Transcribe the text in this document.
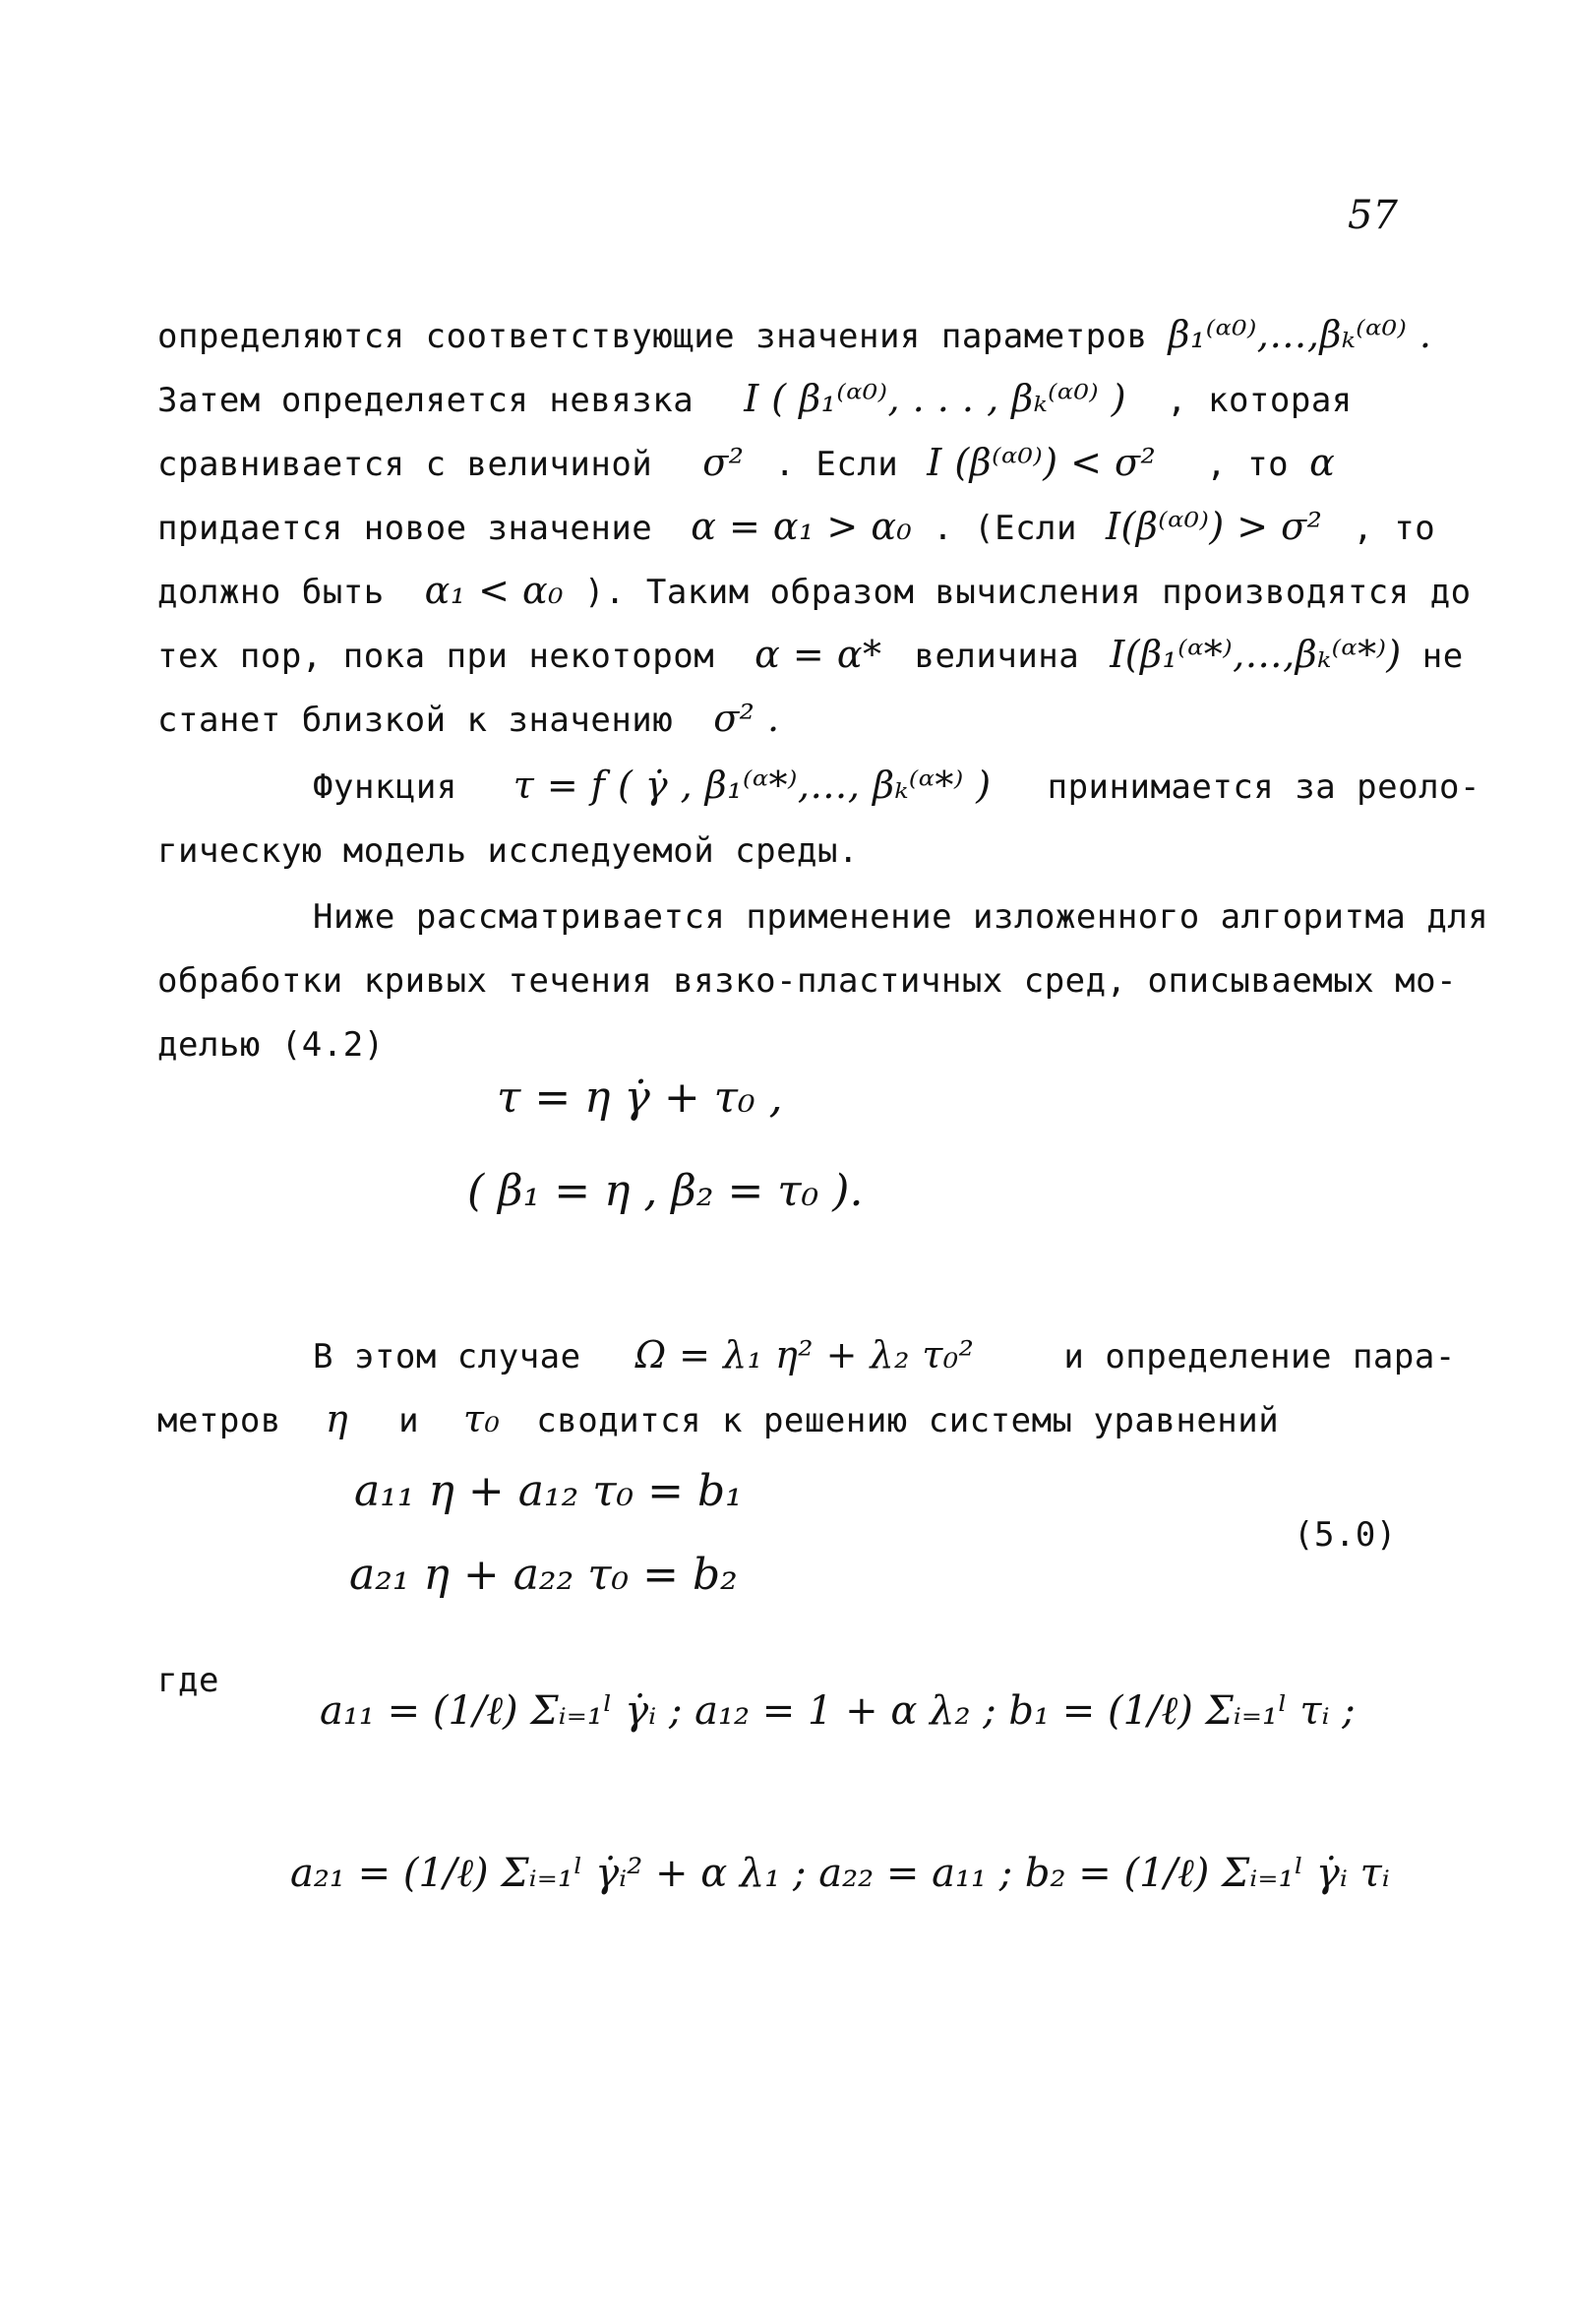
57
определяются соответствующие значения параметров β₁⁽ᵅ⁰⁾,…,βₖ⁽ᵅ⁰⁾ .
Затем определяется невязка I ( β₁⁽ᵅ⁰⁾, . . . , βₖ⁽ᵅ⁰⁾ ) , которая
сравнивается с величиной σ² . Если I (β⁽ᵅ⁰⁾) < σ² , то α
придается новое значение α = α₁ > α₀ . (Если I(β⁽ᵅ⁰⁾) > σ² , то
должно быть α₁ < α₀ ). Таким образом вычисления производятся до
тех пор, пока при некотором α = α* величина I(β₁⁽ᵅ*⁾,…,βₖ⁽ᵅ*⁾) не
станет близкой к значению σ² .
Функция τ = f ( γ̇ , β₁⁽ᵅ*⁾,…, βₖ⁽ᵅ*⁾ ) принимается за реоло-
гическую модель исследуемой среды.
Ниже рассматривается применение изложенного алгоритма для
обработки кривых течения вязко-пластичных сред, описываемых мо-
делью (4.2)
τ = η γ̇ + τ₀ ,
( β₁ = η , β₂ = τ₀ ).
В этом случае Ω = λ₁ η² + λ₂ τ₀²	и определение пара-
метров η и τ₀ сводится к решению системы уравнений
a₁₁ η + a₁₂ τ₀ = b₁
a₂₁ η + a₂₂ τ₀ = b₂
(5.0)
где
a₁₁ = (1/ℓ) Σᵢ₌₁ˡ γ̇ᵢ ; a₁₂ = 1 + α λ₂ ; b₁ = (1/ℓ) Σᵢ₌₁ˡ τᵢ ;
a₂₁ = (1/ℓ) Σᵢ₌₁ˡ γ̇ᵢ² + α λ₁ ; a₂₂ = a₁₁ ; b₂ = (1/ℓ) Σᵢ₌₁ˡ γ̇ᵢ τᵢ
